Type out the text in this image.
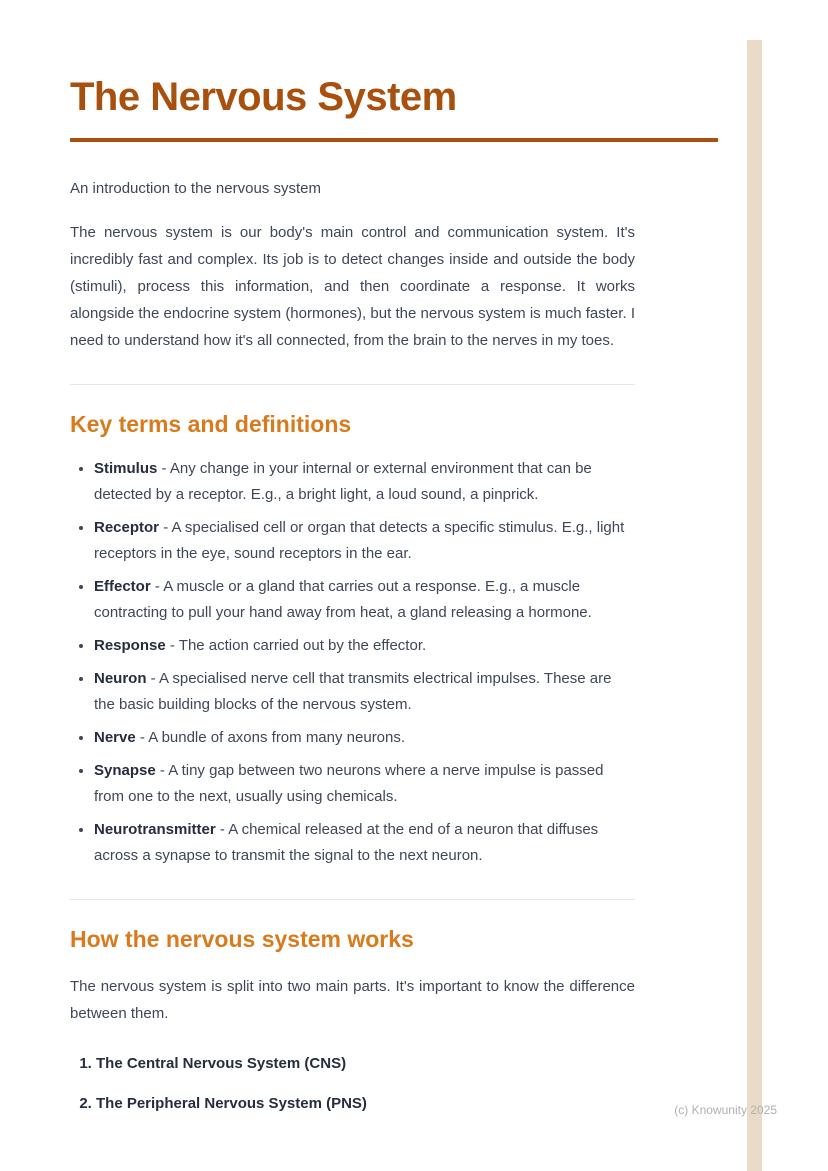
The Nervous System

An introduction to the nervous system

The nervous system is our body's main control and communication system. It's incredibly fast and complex. Its job is to detect changes inside and outside the body (stimuli), process this information, and then coordinate a response. It works alongside the endocrine system (hormones), but the nervous system is much faster. I need to understand how it's all connected, from the brain to the nerves in my toes.

Key terms and definitions
• Stimulus - Any change in your internal or external environment that can be detected by a receptor. E.g., a bright light, a loud sound, a pinprick.
• Receptor - A specialised cell or organ that detects a specific stimulus. E.g., light receptors in the eye, sound receptors in the ear.
• Effector - A muscle or a gland that carries out a response. E.g., a muscle contracting to pull your hand away from heat, a gland releasing a hormone.
• Response - The action carried out by the effector.
• Neuron - A specialised nerve cell that transmits electrical impulses. These are the basic building blocks of the nervous system.
• Nerve - A bundle of axons from many neurons.
• Synapse - A tiny gap between two neurons where a nerve impulse is passed from one to the next, usually using chemicals.
• Neurotransmitter - A chemical released at the end of a neuron that diffuses across a synapse to transmit the signal to the next neuron.
How the nervous system works

The nervous system is split into two main parts. It's important to know the difference between them.

1. The Central Nervous System (CNS)
2. The Peripheral Nervous System (PNS)	(c) Knowunity 2025
